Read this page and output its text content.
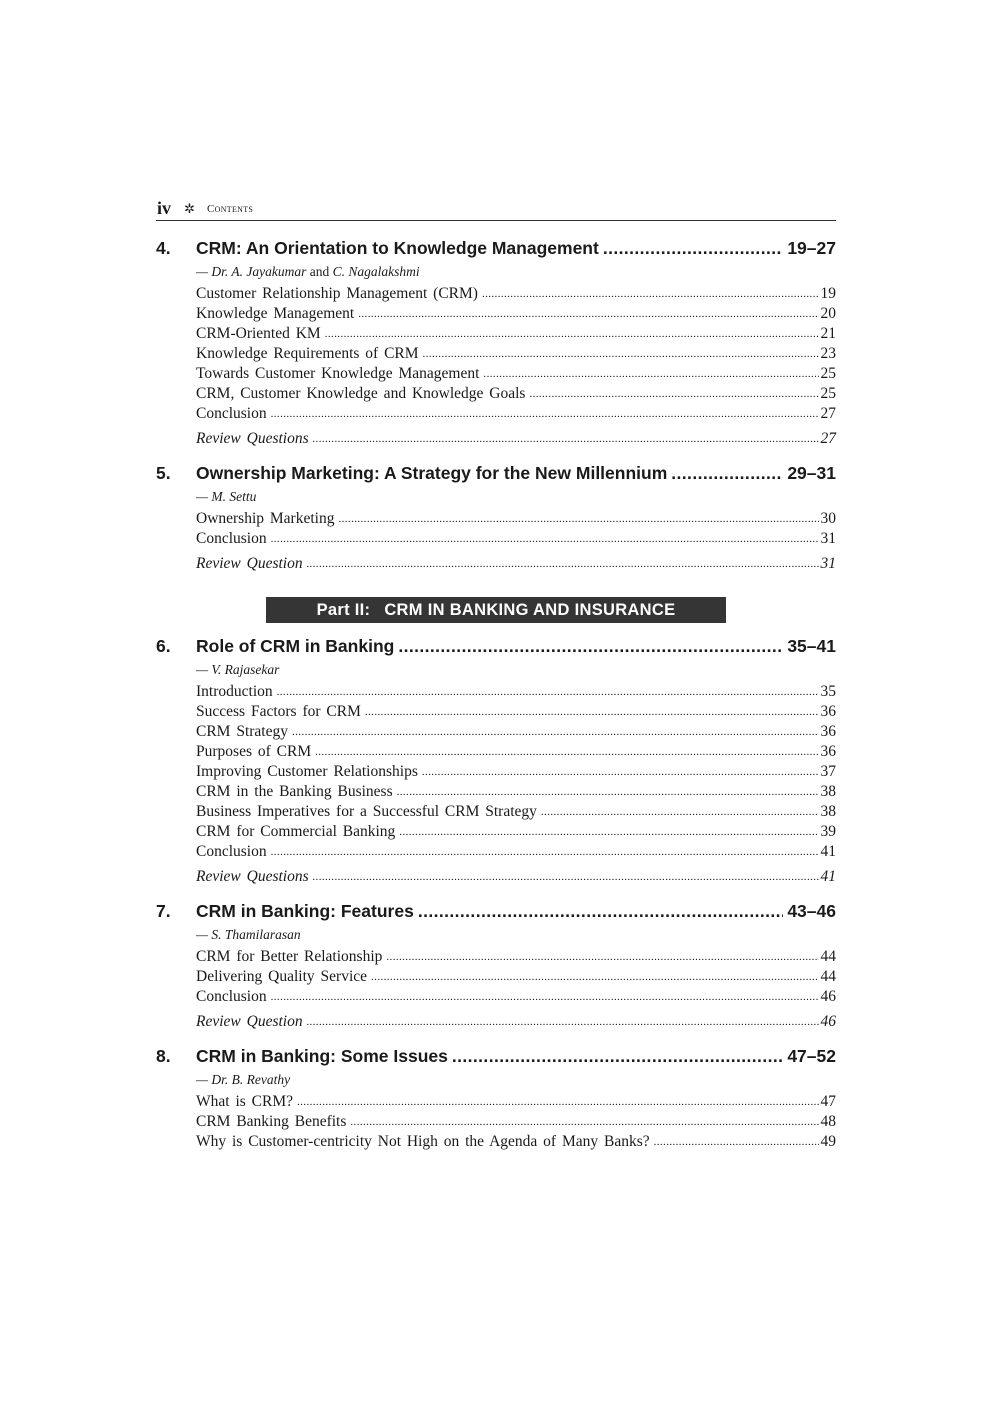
iv ✲ Contents
4. CRM: An Orientation to Knowledge Management .....	19–27
— Dr. A. Jayakumar and C. Nagalakshmi
Customer Relationship Management (CRM) .....	19
Knowledge Management .....	20
CRM-Oriented KM .....	21
Knowledge Requirements of CRM .....	23
Towards Customer Knowledge Management .....	25
CRM, Customer Knowledge and Knowledge Goals .....	25
Conclusion .....	27
Review Questions .....	27
5. Ownership Marketing: A Strategy for the New Millennium .....	29–31
— M. Settu
Ownership Marketing .....	30
Conclusion .....	31
Review Question .....	31
Part II: CRM IN BANKING AND INSURANCE
6. Role of CRM in Banking .....	35–41
— V. Rajasekar
Introduction .....	35
Success Factors for CRM .....	36
CRM Strategy .....	36
Purposes of CRM .....	36
Improving Customer Relationships .....	37
CRM in the Banking Business .....	38
Business Imperatives for a Successful CRM Strategy .....	38
CRM for Commercial Banking .....	39
Conclusion .....	41
Review Questions .....	41
7. CRM in Banking: Features .....	43–46
— S. Thamilarasan
CRM for Better Relationship .....	44
Delivering Quality Service .....	44
Conclusion .....	46
Review Question .....	46
8. CRM in Banking: Some Issues .....	47–52
— Dr. B. Revathy
What is CRM? .....	47
CRM Banking Benefits .....	48
Why is Customer-centricity Not High on the Agenda of Many Banks? .....	49
